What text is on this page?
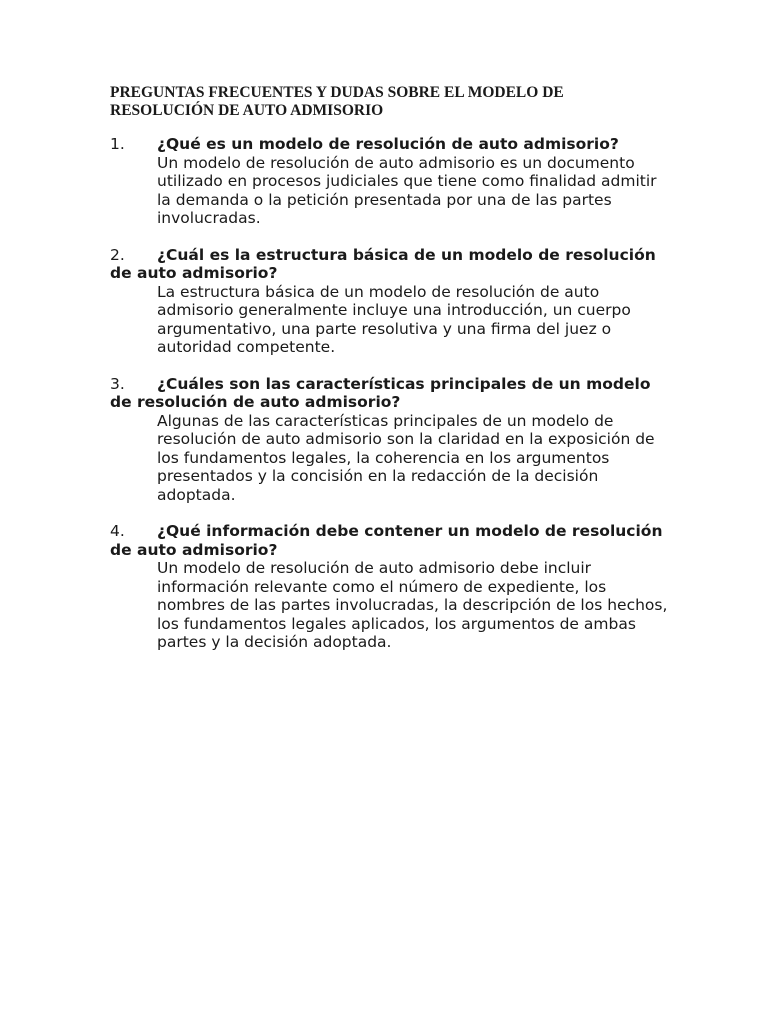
PREGUNTAS FRECUENTES Y DUDAS SOBRE EL MODELO DE
RESOLUCIÓN DE AUTO ADMISORIO

1. ¿Qué es un modelo de resolución de auto admisorio?

Un modelo de resolución de auto admisorio es un documento utilizado en procesos judiciales que tiene como finalidad admitir la demanda o la petición presentada por una de las partes involucradas.

2. ¿Cuál es la estructura básica de un modelo de resolución de auto admisorio?

La estructura básica de un modelo de resolución de auto admisorio generalmente incluye una introducción, un cuerpo argumentativo, una parte resolutiva y una firma del juez o autoridad competente.

3. ¿Cuáles son las características principales de un modelo de resolución de auto admisorio?

Algunas de las características principales de un modelo de resolución de auto admisorio son la claridad en la exposición de los fundamentos legales, la coherencia en los argumentos presentados y la concisión en la redacción de la decisión adoptada.

4. ¿Qué información debe contener un modelo de resolución de auto admisorio?

Un modelo de resolución de auto admisorio debe incluir información relevante como el número de expediente, los nombres de las partes involucradas, la descripción de los hechos, los fundamentos legales aplicados, los argumentos de ambas partes y la decisión adoptada.
